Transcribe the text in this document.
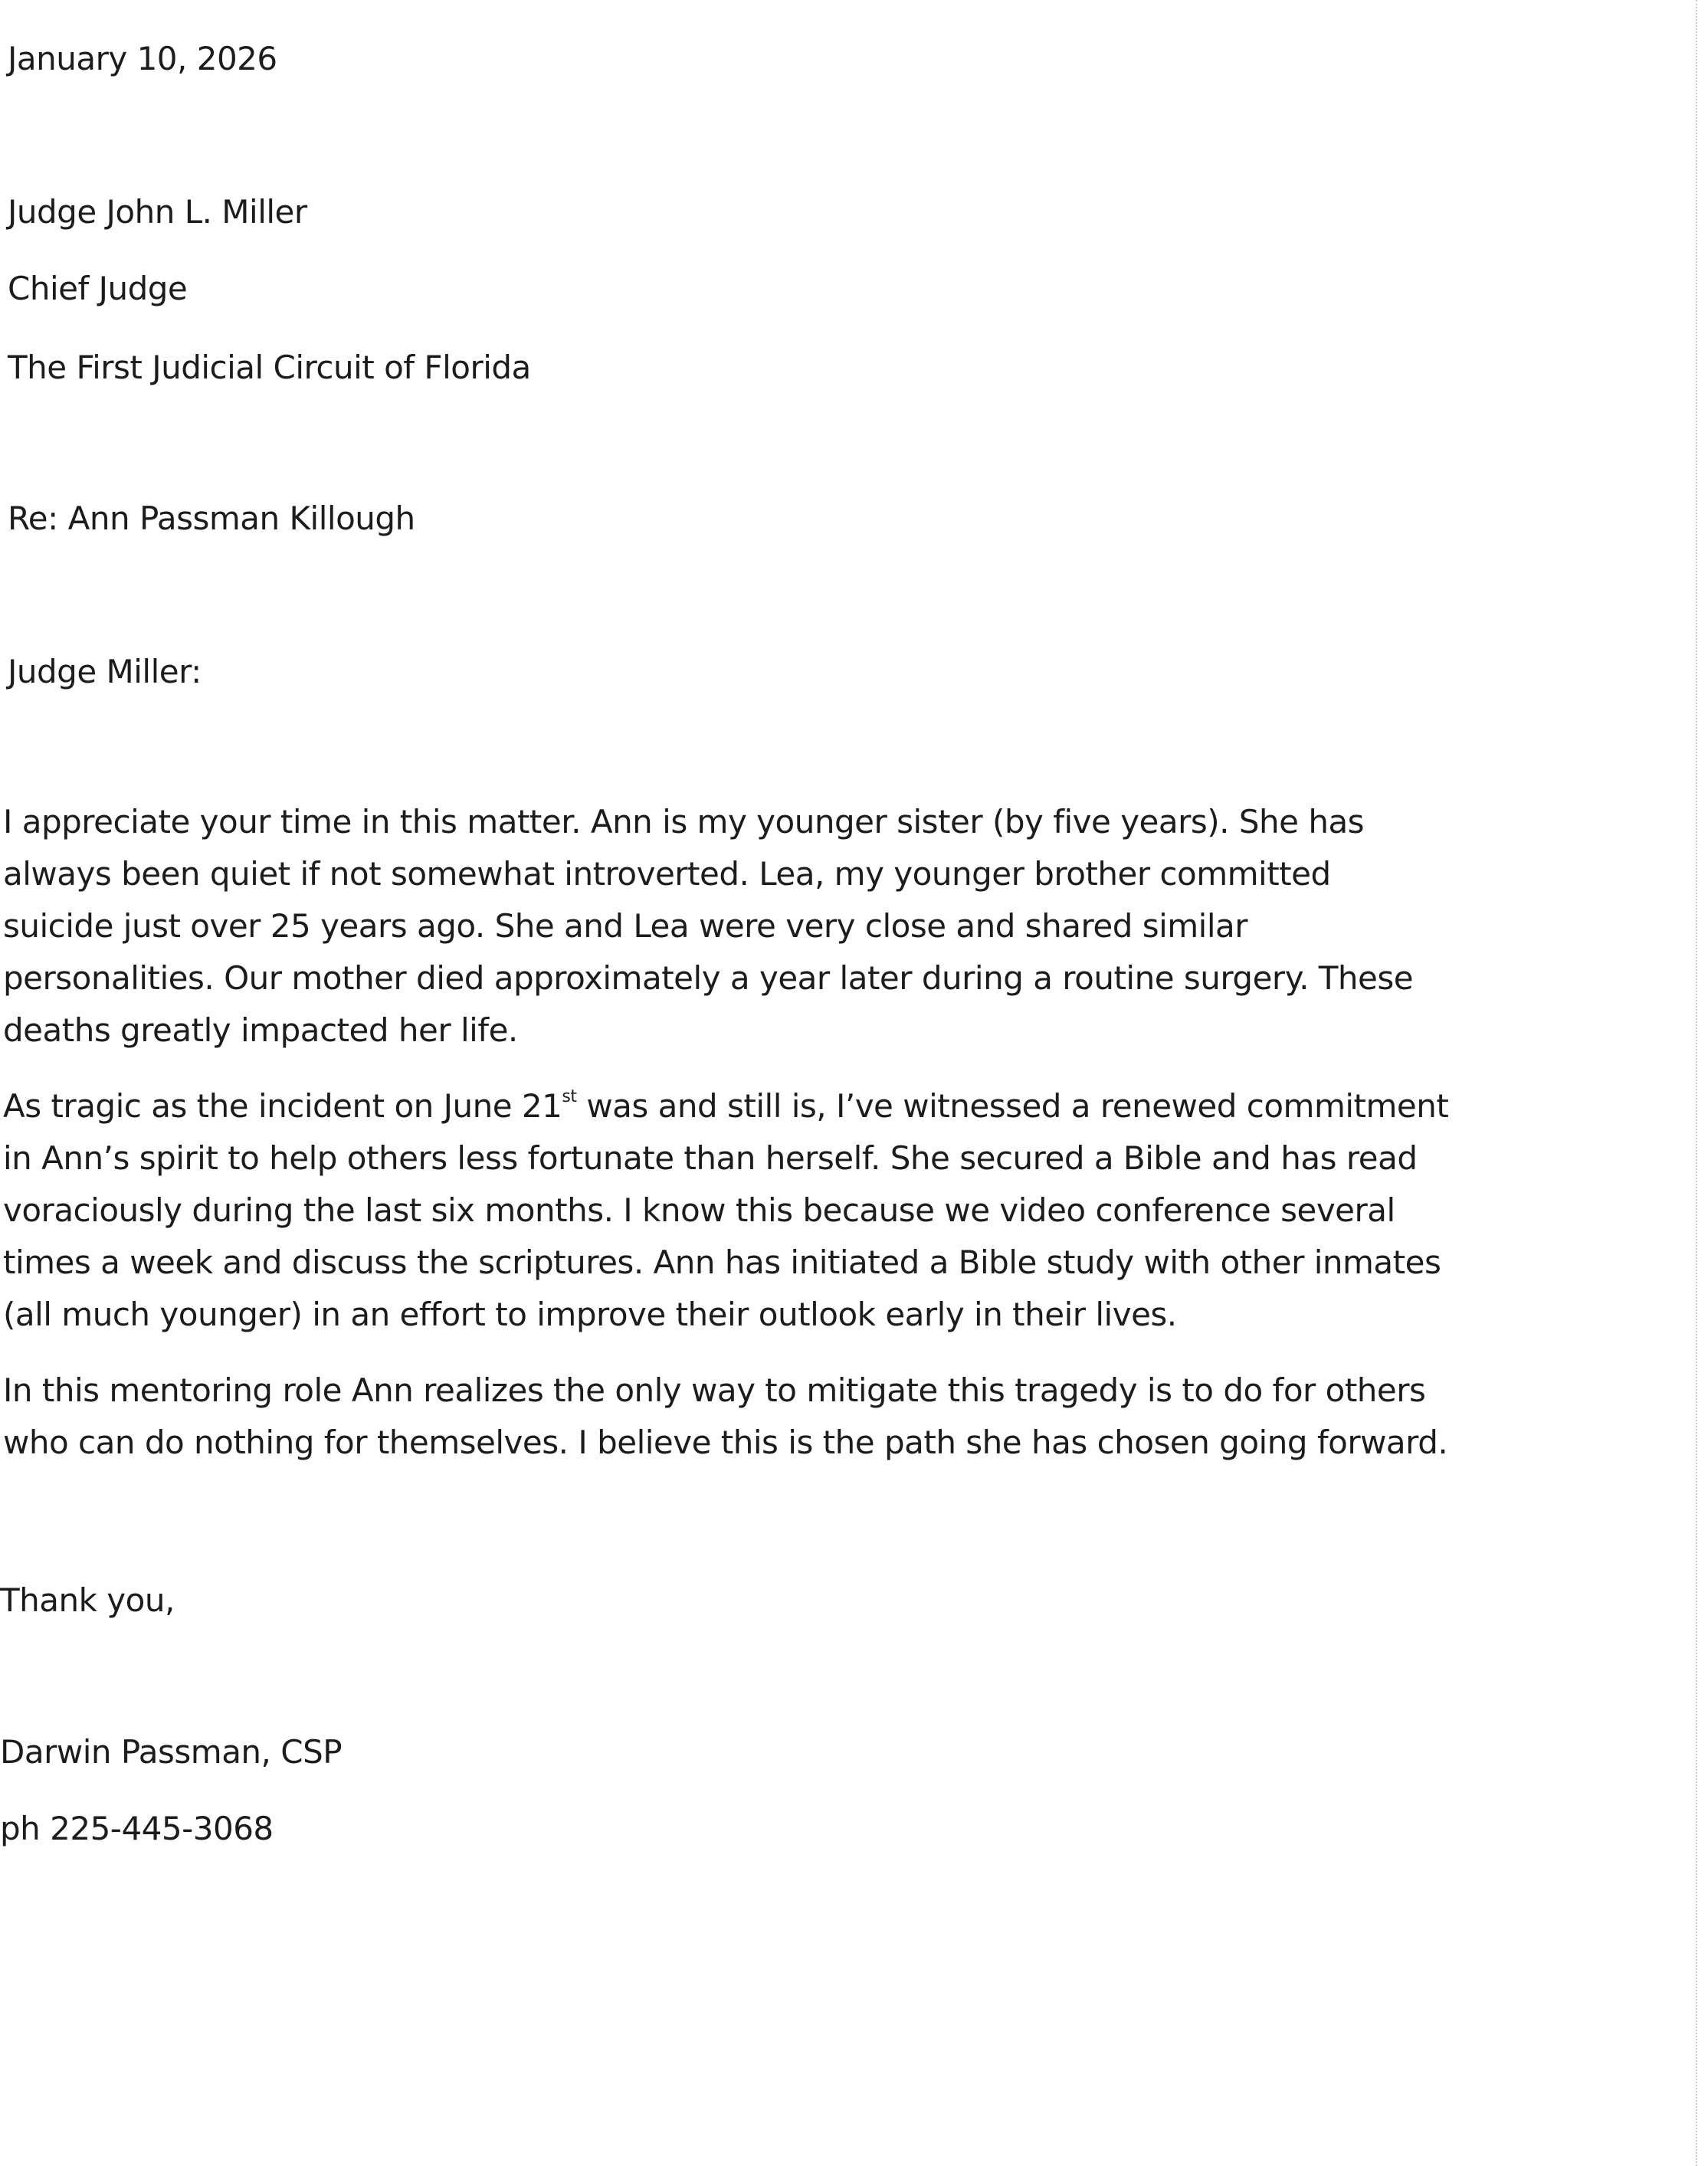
January 10, 2026
Judge John L. Miller
Chief Judge
The First Judicial Circuit of Florida
Re: Ann Passman Killough
Judge Miller:
I appreciate your time in this matter. Ann is my younger sister (by five years). She has
always been quiet if not somewhat introverted. Lea, my younger brother committed
suicide just over 25 years ago. She and Lea were very close and shared similar
personalities. Our mother died approximately a year later during a routine surgery. These
deaths greatly impacted her life.
As tragic as the incident on June 21st was and still is, I’ve witnessed a renewed commitment
in Ann’s spirit to help others less fortunate than herself. She secured a Bible and has read
voraciously during the last six months. I know this because we video conference several
times a week and discuss the scriptures. Ann has initiated a Bible study with other inmates
(all much younger) in an effort to improve their outlook early in their lives.
In this mentoring role Ann realizes the only way to mitigate this tragedy is to do for others
who can do nothing for themselves. I believe this is the path she has chosen going forward.
Thank you,
Darwin Passman, CSP
ph 225-445-3068
